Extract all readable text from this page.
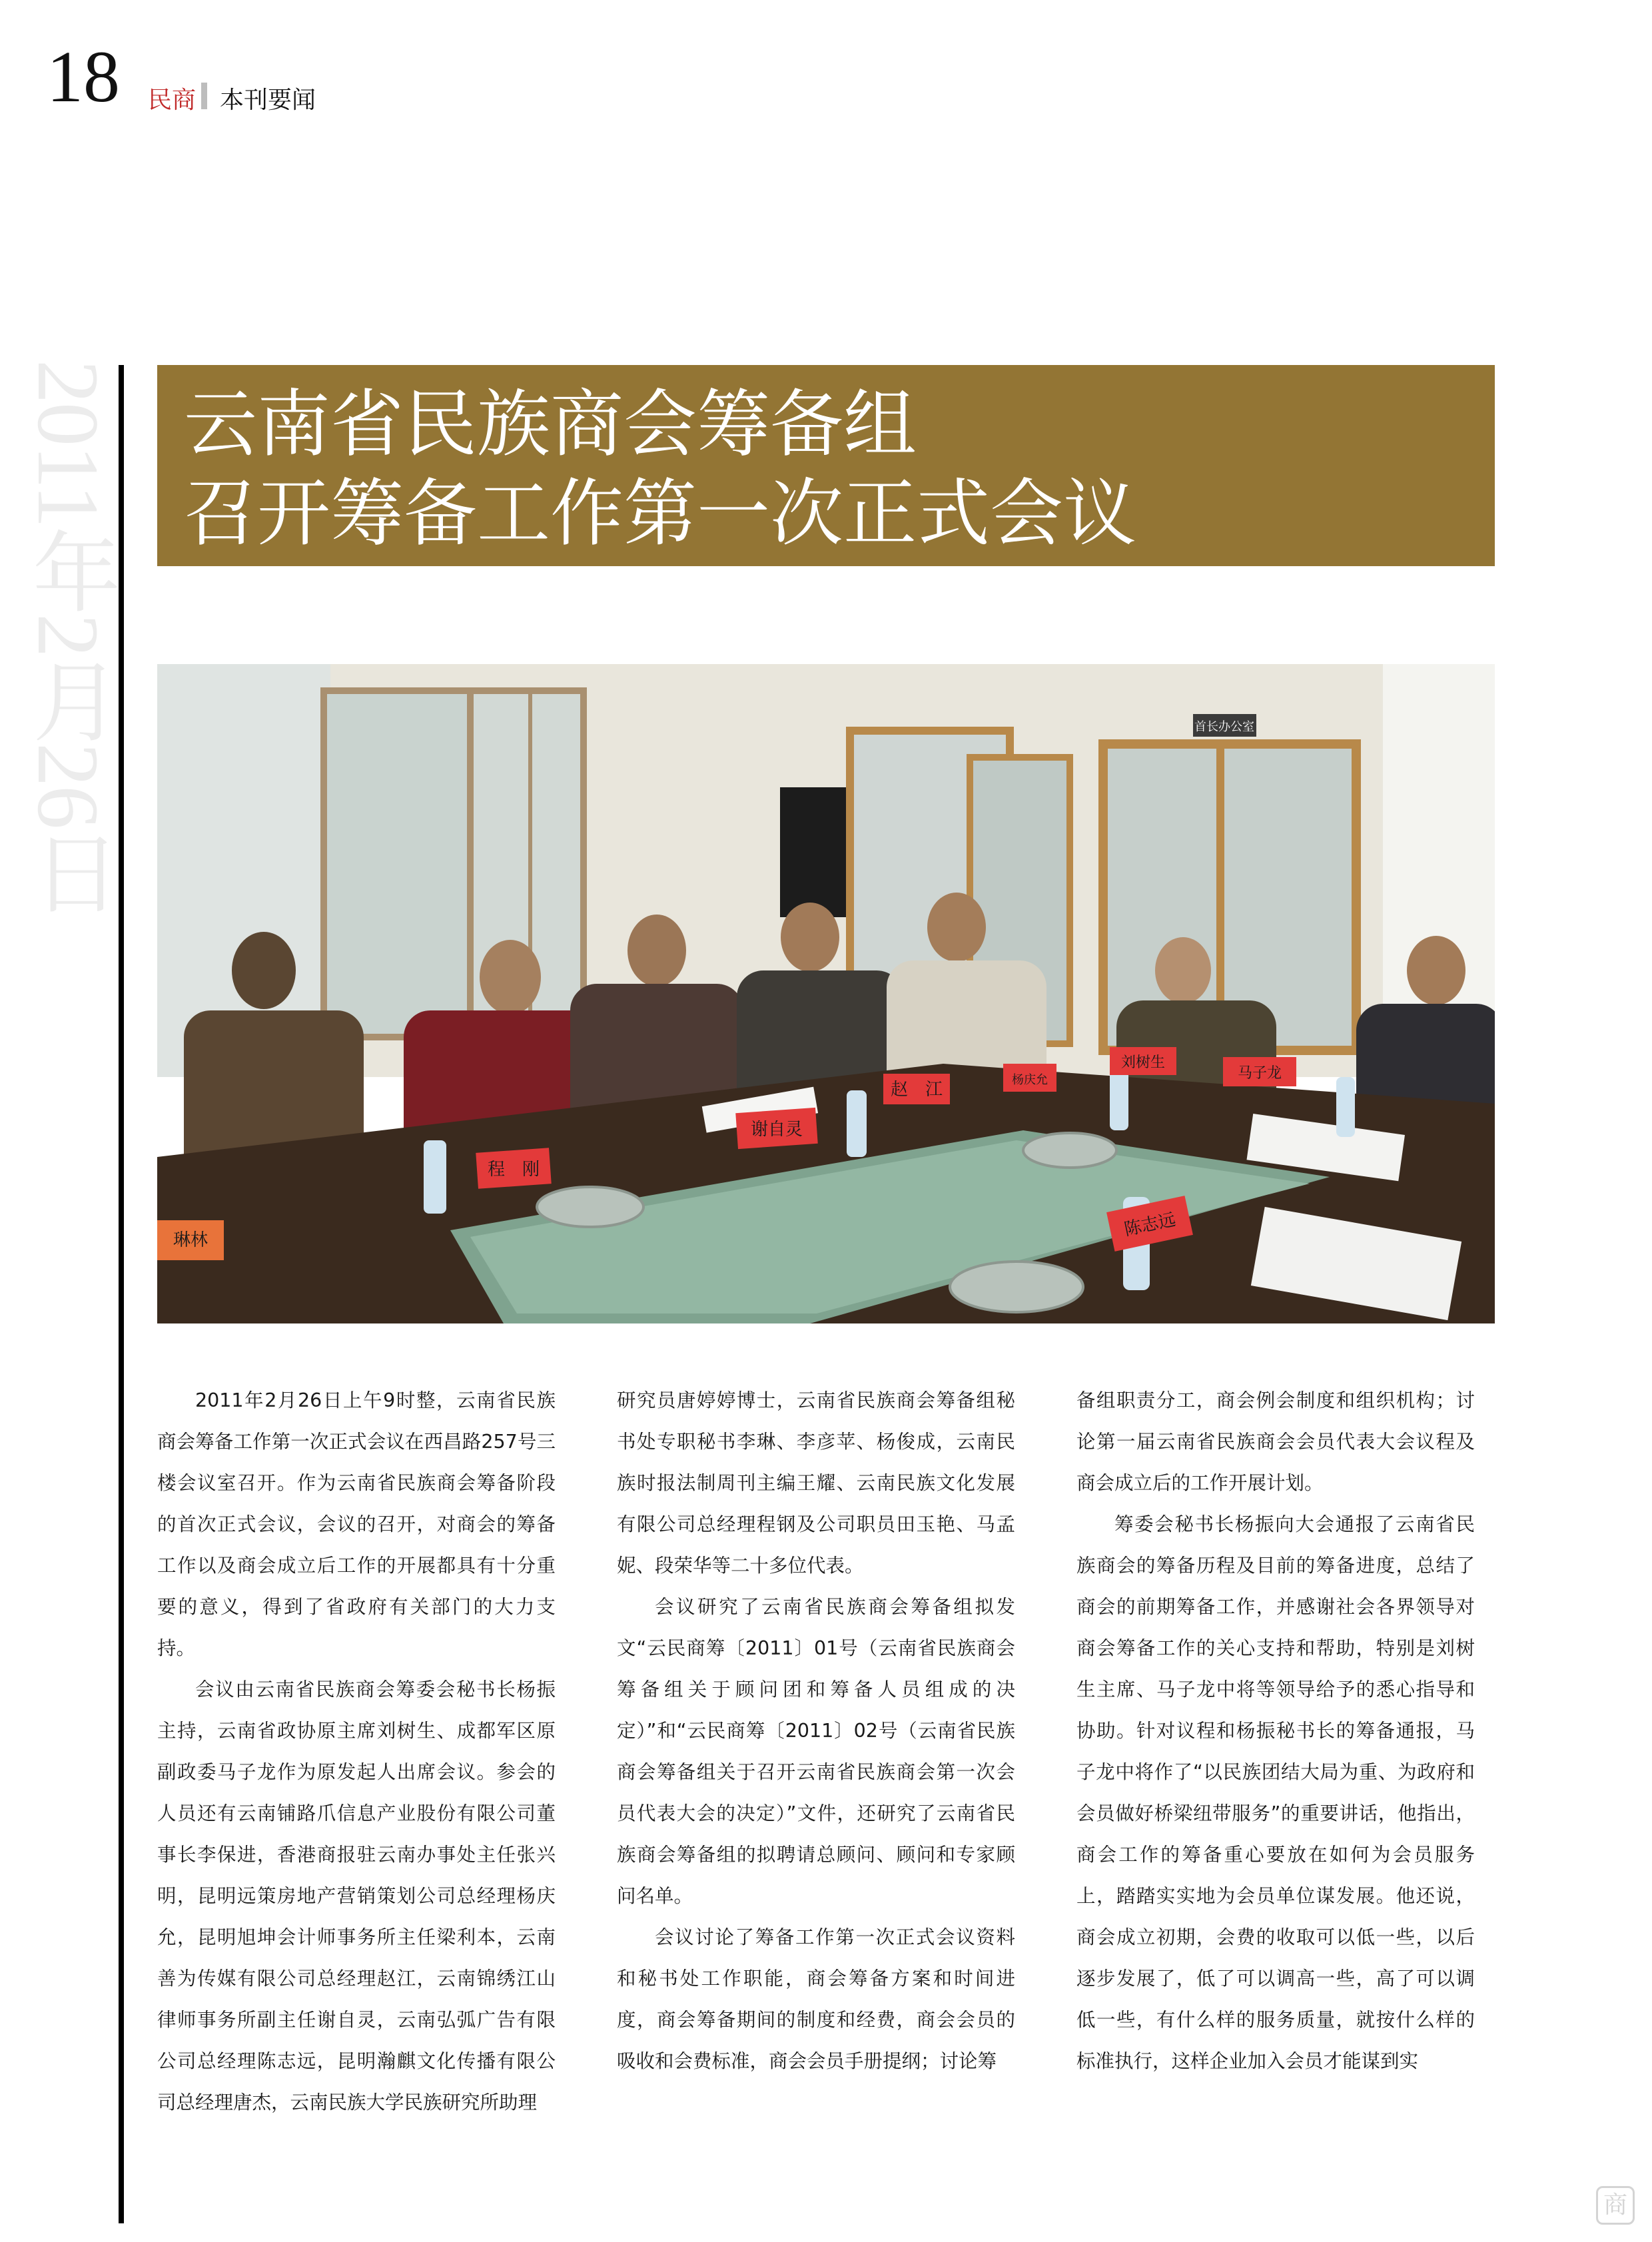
18 民商 本刊要闻
2011年2月26日 云南省民族商会筹备组
召开筹备工作第一次正式会议
首长办公室
程　刚
谢自灵
赵　江	杨庆允
刘树生
马子龙
陈志远
琳林

2011年2月26日上午9时整，云南省民族商会筹备工作第一次正式会议在西昌路257号三楼会议室召开。作为云南省民族商会筹备阶段的首次正式会议，会议的召开，对商会的筹备工作以及商会成立后工作的开展都具有十分重要的意义，得到了省政府有关部门的大力支持。

会议由云南省民族商会筹委会秘书长杨振主持，云南省政协原主席刘树生、成都军区原副政委马子龙作为原发起人出席会议。参会的人员还有云南铺路爪信息产业股份有限公司董事长李保进，香港商报驻云南办事处主任张兴明，昆明远策房地产营销策划公司总经理杨庆允，昆明旭坤会计师事务所主任梁利本，云南善为传媒有限公司总经理赵江，云南锦绣江山律师事务所副主任谢自灵，云南弘弧广告有限公司总经理陈志远，昆明瀚麒文化传播有限公司总经理唐杰，云南民族大学民族研究所助理

研究员唐婷婷博士，云南省民族商会筹备组秘书处专职秘书李琳、李彦苹、杨俊成，云南民族时报法制周刊主编王耀、云南民族文化发展有限公司总经理程钢及公司职员田玉艳、马孟妮、段荣华等二十多位代表。

会议研究了云南省民族商会筹备组拟发文“云民商筹〔2011〕01号（云南省民族商会筹备组关于顾问团和筹备人员组成的决定）”和“云民商筹〔2011〕02号（云南省民族商会筹备组关于召开云南省民族商会第一次会员代表大会的决定）”文件，还研究了云南省民族商会筹备组的拟聘请总顾问、顾问和专家顾问名单。

会议讨论了筹备工作第一次正式会议资料和秘书处工作职能，商会筹备方案和时间进度，商会筹备期间的制度和经费，商会会员的吸收和会费标准，商会会员手册提纲；讨论筹

备组职责分工，商会例会制度和组织机构；讨论第一届云南省民族商会会员代表大会议程及商会成立后的工作开展计划。

筹委会秘书长杨振向大会通报了云南省民族商会的筹备历程及目前的筹备进度，总结了商会的前期筹备工作，并感谢社会各界领导对商会筹备工作的关心支持和帮助，特别是刘树生主席、马子龙中将等领导给予的悉心指导和协助。针对议程和杨振秘书长的筹备通报，马子龙中将作了“以民族团结大局为重、为政府和会员做好桥梁纽带服务”的重要讲话，他指出，商会工作的筹备重心要放在如何为会员服务上，踏踏实实地为会员单位谋发展。他还说，商会成立初期，会费的收取可以低一些，以后逐步发展了，低了可以调高一些，高了可以调低一些，有什么样的服务质量，就按什么样的标准执行，这样企业加入会员才能谋到实

商
